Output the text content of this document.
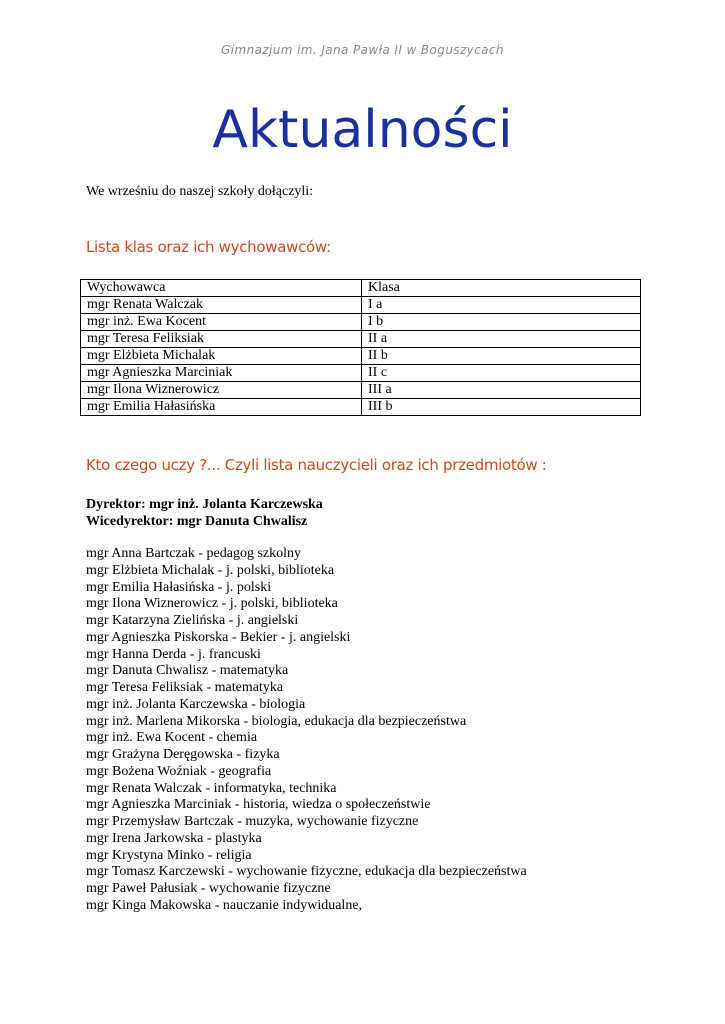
Gimnazjum im. Jana Pawła II w Boguszycach
Aktualności
We wrześniu do naszej szkoły dołączyli:
Lista klas oraz ich wychowawców:
Wychowawca	Klasa
mgr Renata Walczak	I a
mgr inż. Ewa Kocent	I b
mgr Teresa Feliksiak	II a
mgr Elżbieta Michalak	II b
mgr Agnieszka Marciniak	II c
mgr Ilona Wiznerowicz	III a
mgr Emilia Hałasińska	III b
Kto czego uczy ?... Czyli lista nauczycieli oraz ich przedmiotów :
Dyrektor: mgr inż. Jolanta Karczewska
Wicedyrektor: mgr Danuta Chwalisz
mgr Anna Bartczak - pedagog szkolny
mgr Elżbieta Michalak - j. polski, biblioteka
mgr Emilia Hałasińska - j. polski
mgr Ilona Wiznerowicz - j. polski, biblioteka
mgr Katarzyna Zielińska - j. angielski
mgr Agnieszka Piskorska - Bekier - j. angielski
mgr Hanna Derda - j. francuski
mgr Danuta Chwalisz - matematyka
mgr Teresa Feliksiak - matematyka
mgr inż. Jolanta Karczewska - biologia
mgr inż. Marlena Mikorska - biologia, edukacja dla bezpieczeństwa
mgr inż. Ewa Kocent - chemia
mgr Grażyna Deręgowska - fizyka
mgr Bożena Woźniak - geografia
mgr Renata Walczak - informatyka, technika
mgr Agnieszka Marciniak - historia, wiedza o społeczeństwie
mgr Przemysław Bartczak - muzyka, wychowanie fizyczne
mgr Irena Jarkowska - plastyka
mgr Krystyna Minko - religia
mgr Tomasz Karczewski - wychowanie fizyczne, edukacja dla bezpieczeństwa
mgr Paweł Pałusiak - wychowanie fizyczne
mgr Kinga Makowska - nauczanie indywidualne,
